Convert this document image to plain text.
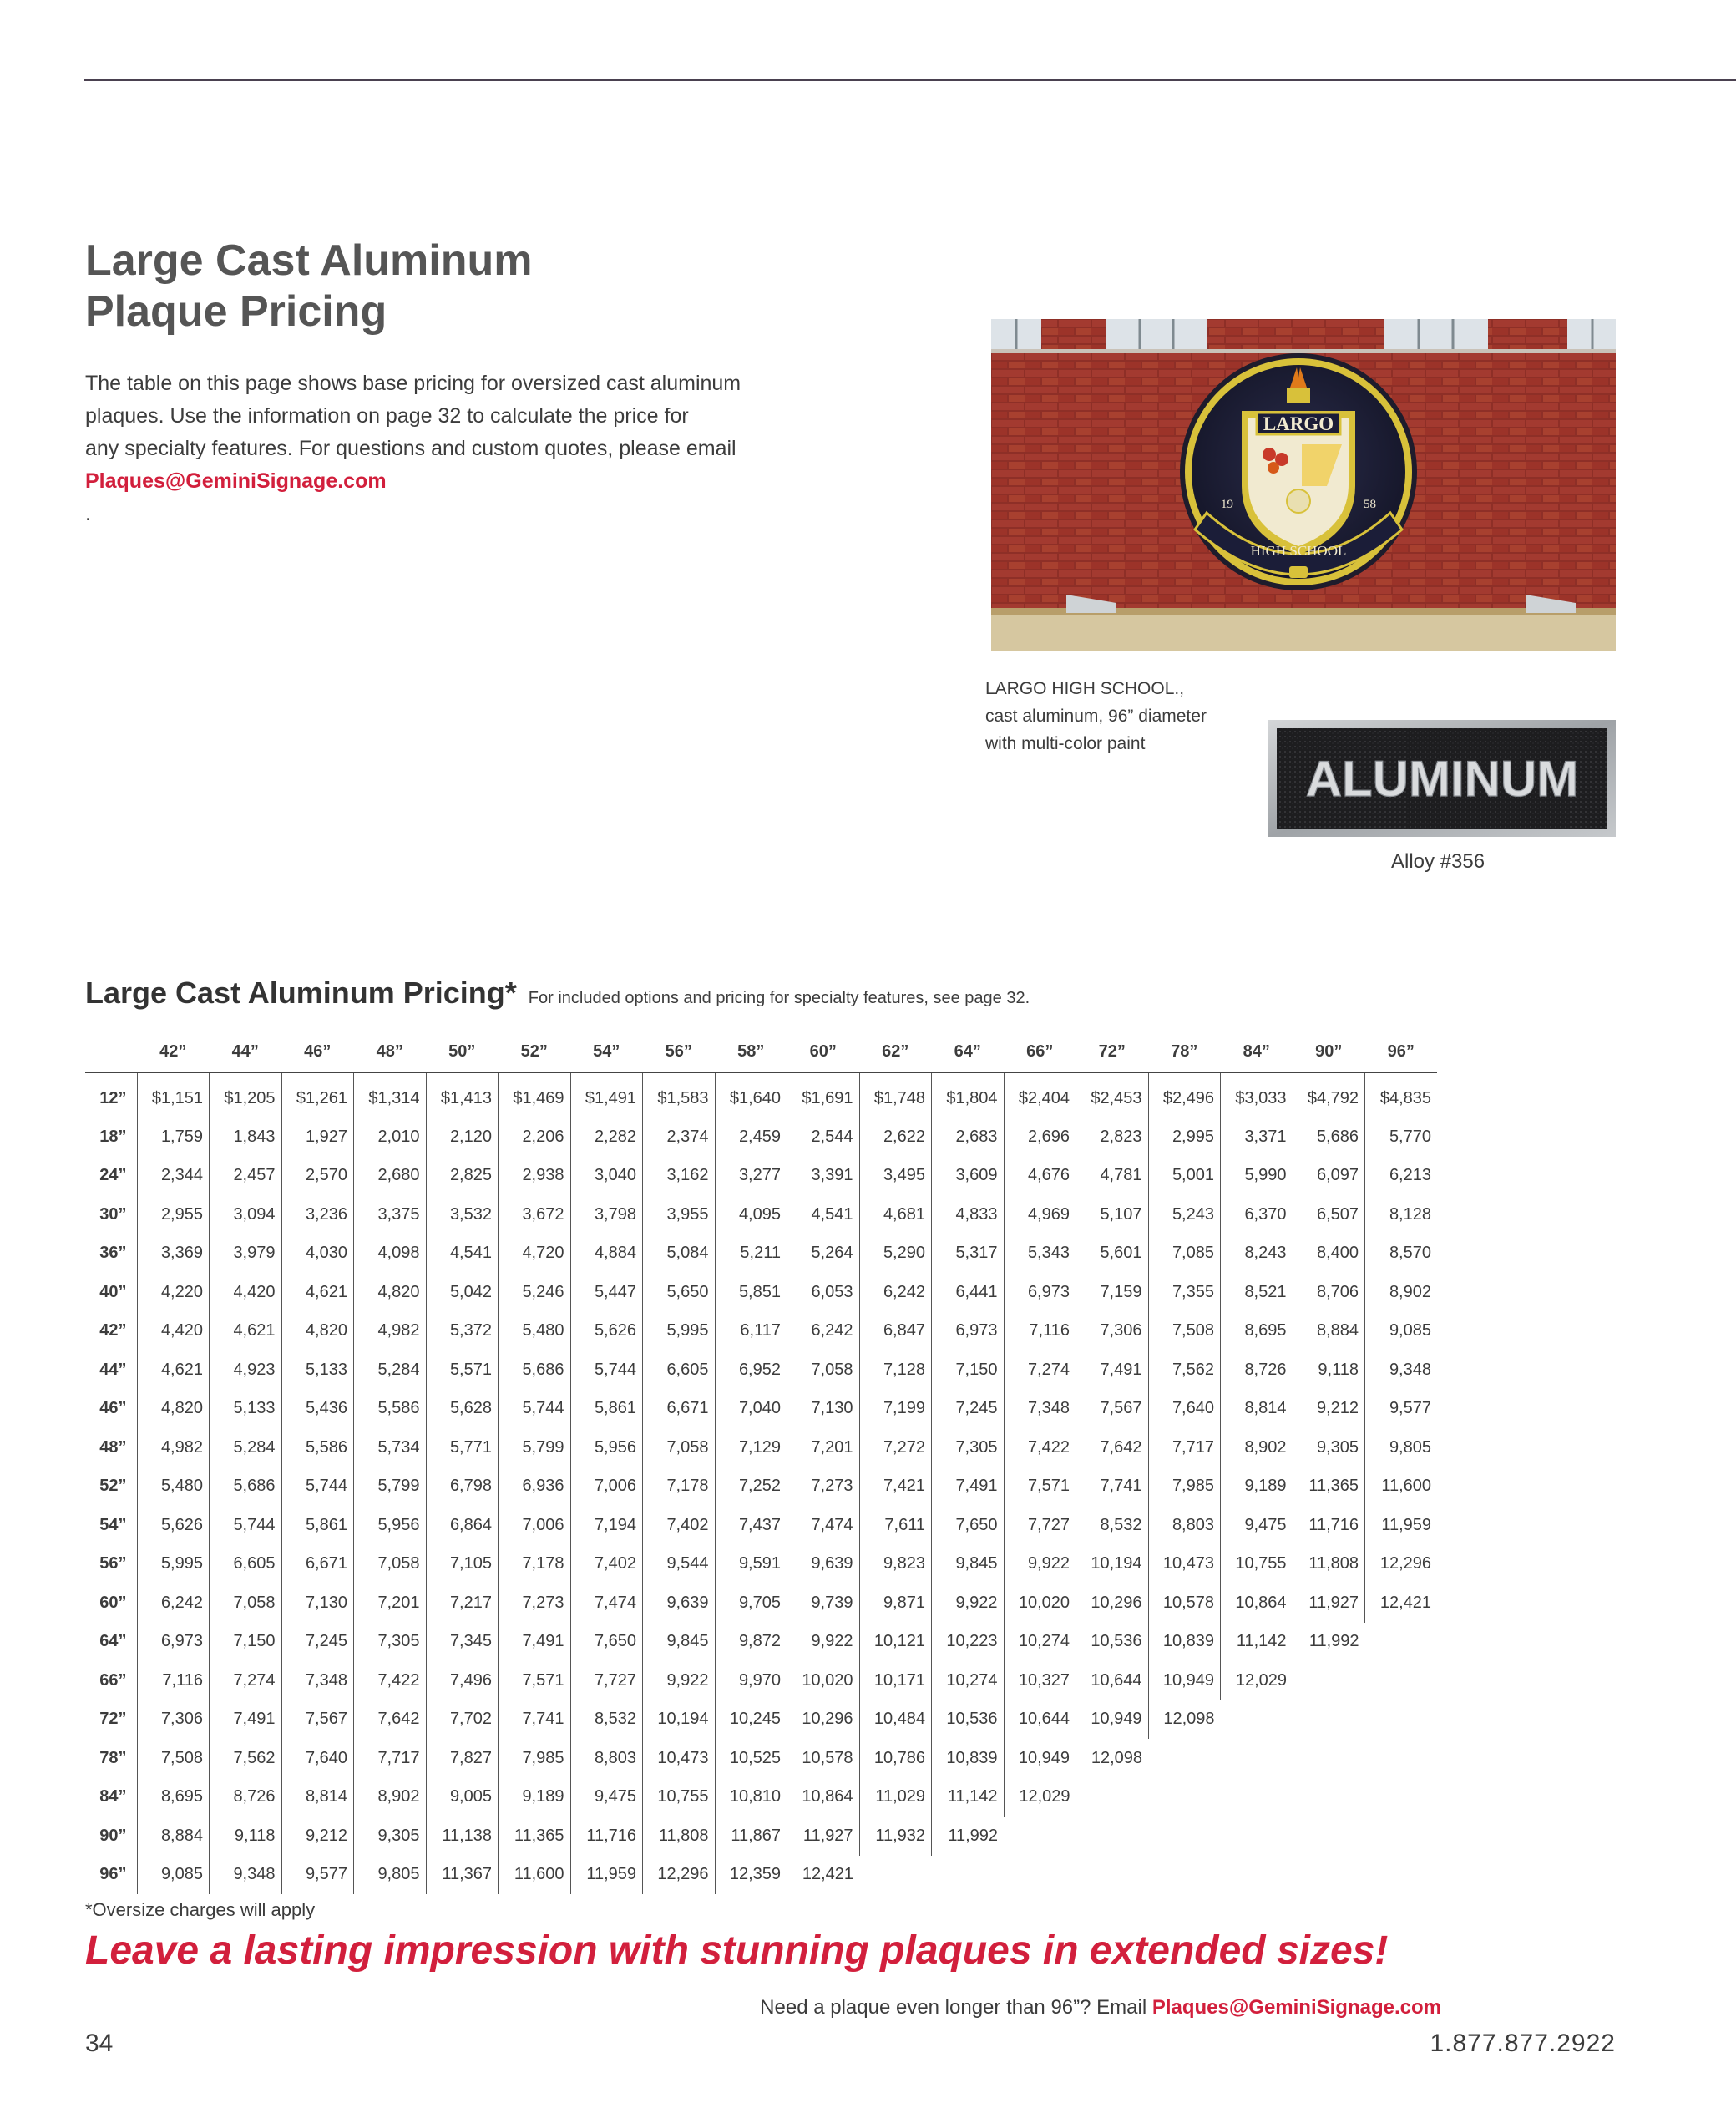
Large Cast Aluminum
Plaque Pricing
The table on this page shows base pricing for oversized cast aluminum
plaques. Use the information on page 32 to calculate the price for
any specialty features. For questions and custom quotes, please email
Plaques@GeminiSignage.com
.
LARGO
HIGH SCHOOL
19	58
LARGO HIGH SCHOOL.,
cast aluminum, 96” diameter
with multi-color paint
ALUMINUM
Alloy #356
Large Cast Aluminum Pricing* For included options and pricing for specialty features, see page 32.
	42”	44”	46”	48”	50”	52”	54”	56”	58”	60”	62”	64”	66”	72”	78”	84”	90”	96”
12”	$1,151	$1,205	$1,261	$1,314	$1,413	$1,469	$1,491	$1,583	$1,640	$1,691	$1,748	$1,804	$2,404	$2,453	$2,496	$3,033	$4,792	$4,835
18”	1,759	1,843	1,927	2,010	2,120	2,206	2,282	2,374	2,459	2,544	2,622	2,683	2,696	2,823	2,995	3,371	5,686	5,770
24”	2,344	2,457	2,570	2,680	2,825	2,938	3,040	3,162	3,277	3,391	3,495	3,609	4,676	4,781	5,001	5,990	6,097	6,213
30”	2,955	3,094	3,236	3,375	3,532	3,672	3,798	3,955	4,095	4,541	4,681	4,833	4,969	5,107	5,243	6,370	6,507	8,128
36”	3,369	3,979	4,030	4,098	4,541	4,720	4,884	5,084	5,211	5,264	5,290	5,317	5,343	5,601	7,085	8,243	8,400	8,570
40”	4,220	4,420	4,621	4,820	5,042	5,246	5,447	5,650	5,851	6,053	6,242	6,441	6,973	7,159	7,355	8,521	8,706	8,902
42”	4,420	4,621	4,820	4,982	5,372	5,480	5,626	5,995	6,117	6,242	6,847	6,973	7,116	7,306	7,508	8,695	8,884	9,085
44”	4,621	4,923	5,133	5,284	5,571	5,686	5,744	6,605	6,952	7,058	7,128	7,150	7,274	7,491	7,562	8,726	9,118	9,348
46”	4,820	5,133	5,436	5,586	5,628	5,744	5,861	6,671	7,040	7,130	7,199	7,245	7,348	7,567	7,640	8,814	9,212	9,577
48”	4,982	5,284	5,586	5,734	5,771	5,799	5,956	7,058	7,129	7,201	7,272	7,305	7,422	7,642	7,717	8,902	9,305	9,805
52”	5,480	5,686	5,744	5,799	6,798	6,936	7,006	7,178	7,252	7,273	7,421	7,491	7,571	7,741	7,985	9,189	11,365	11,600
54”	5,626	5,744	5,861	5,956	6,864	7,006	7,194	7,402	7,437	7,474	7,611	7,650	7,727	8,532	8,803	9,475	11,716	11,959
56”	5,995	6,605	6,671	7,058	7,105	7,178	7,402	9,544	9,591	9,639	9,823	9,845	9,922	10,194	10,473	10,755	11,808	12,296
60”	6,242	7,058	7,130	7,201	7,217	7,273	7,474	9,639	9,705	9,739	9,871	9,922	10,020	10,296	10,578	10,864	11,927	12,421
64”	6,973	7,150	7,245	7,305	7,345	7,491	7,650	9,845	9,872	9,922	10,121	10,223	10,274	10,536	10,839	11,142	11,992	
66”	7,116	7,274	7,348	7,422	7,496	7,571	7,727	9,922	9,970	10,020	10,171	10,274	10,327	10,644	10,949	12,029		
72”	7,306	7,491	7,567	7,642	7,702	7,741	8,532	10,194	10,245	10,296	10,484	10,536	10,644	10,949	12,098			
78”	7,508	7,562	7,640	7,717	7,827	7,985	8,803	10,473	10,525	10,578	10,786	10,839	10,949	12,098				
84”	8,695	8,726	8,814	8,902	9,005	9,189	9,475	10,755	10,810	10,864	11,029	11,142	12,029					
90”	8,884	9,118	9,212	9,305	11,138	11,365	11,716	11,808	11,867	11,927	11,932	11,992						
96”	9,085	9,348	9,577	9,805	11,367	11,600	11,959	12,296	12,359	12,421								
*Oversize charges will apply
Leave a lasting impression with stunning plaques in extended sizes!
Need a plaque even longer than 96”? Email Plaques@GeminiSignage.com
34	1.877.877.2922
